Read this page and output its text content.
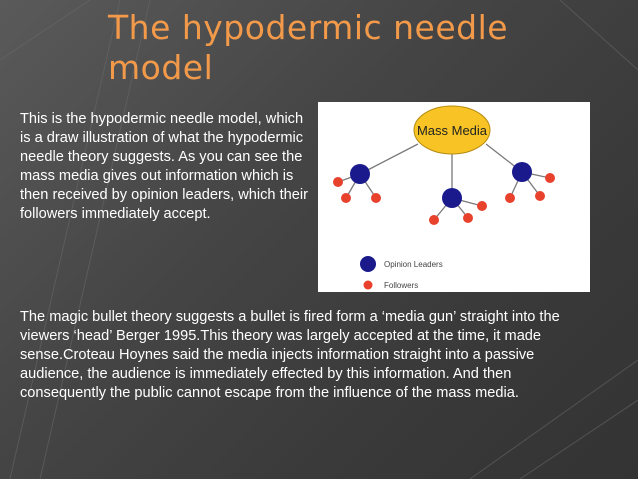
The hypodermic needle model

This is the hypodermic needle model, which is a draw illustration of what the hypodermic needle theory suggests. As you can see the mass media gives out information which is then received by opinion leaders, which their followers immediately accept.

Mass Media
Opinion Leaders
Followers

The magic bullet theory suggests a bullet is fired form a ‘media gun’ straight into the viewers ‘head’ Berger 1995.This theory was largely accepted at the time, it made sense.Croteau Hoynes said the media injects information straight into a passive audience, the audience is immediately effected by this information. And then consequently the public cannot escape from the influence of the mass media.
